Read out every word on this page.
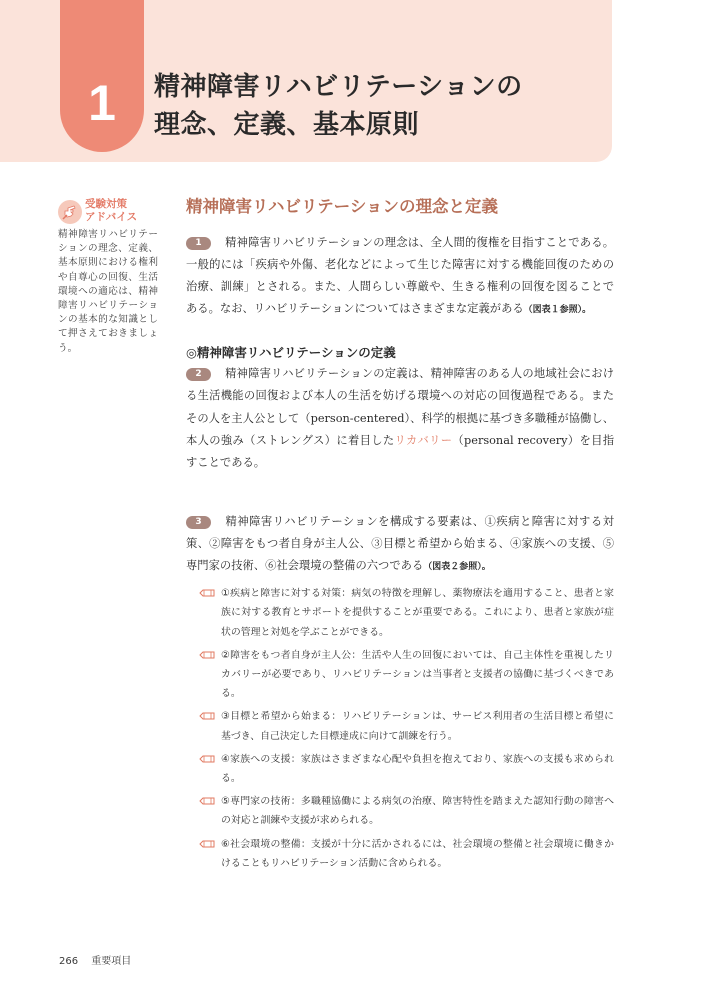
1	精神障害リハビリテーションの
理念、定義、基本原則
受験対策
アドバイス
精神障害リハビリテーションの理念、定義、基本原則における権利や自尊心の回復、生活環境への適応は、精神障害リハビリテーションの基本的な知識として押さえておきましょう。
精神障害リハビリテーションの理念と定義

1 精神障害リハビリテーションの理念は、全人間的復権を目指すことである。一般的には「疾病や外傷、老化などによって生じた障害に対する機能回復のための治療、訓練」とされる。また、人間らしい尊厳や、生きる権利の回復を図ることである。なお、リハビリテーションについてはさまざまな定義がある（図表１参照）。

◎精神障害リハビリテーションの定義

2 精神障害リハビリテーションの定義は、精神障害のある人の地域社会における生活機能の回復および本人の生活を妨げる環境への対応の回復過程である。またその人を主人公として（person-centered）、科学的根拠に基づき多職種が協働し、本人の強み（ストレングス）に着目したリカバリー（personal recovery）を目指すことである。

3 精神障害リハビリテーションを構成する要素は、①疾病と障害に対する対策、②障害をもつ者自身が主人公、③目標と希望から始まる、④家族への支援、⑤専門家の技術、⑥社会環境の整備の六つである（図表２参照）。

①疾病と障害に対する対策：病気の特徴を理解し、薬物療法を適用すること、患者と家族に対する教育とサポートを提供することが重要である。これにより、患者と家族が症状の管理と対処を学ぶことができる。
②障害をもつ者自身が主人公：生活や人生の回復においては、自己主体性を重視したリカバリーが必要であり、リハビリテーションは当事者と支援者の協働に基づくべきである。
③目標と希望から始まる：リハビリテーションは、サービス利用者の生活目標と希望に基づき、自己決定した目標達成に向けて訓練を行う。
④家族への支援：家族はさまざまな心配や負担を抱えており、家族への支援も求められる。
⑤専門家の技術：多職種協働による病気の治療、障害特性を踏まえた認知行動の障害への対応と訓練や支援が求められる。
⑥社会環境の整備：支援が十分に活かされるには、社会環境の整備と社会環境に働きかけることもリハビリテーション活動に含められる。
266 重要項目
